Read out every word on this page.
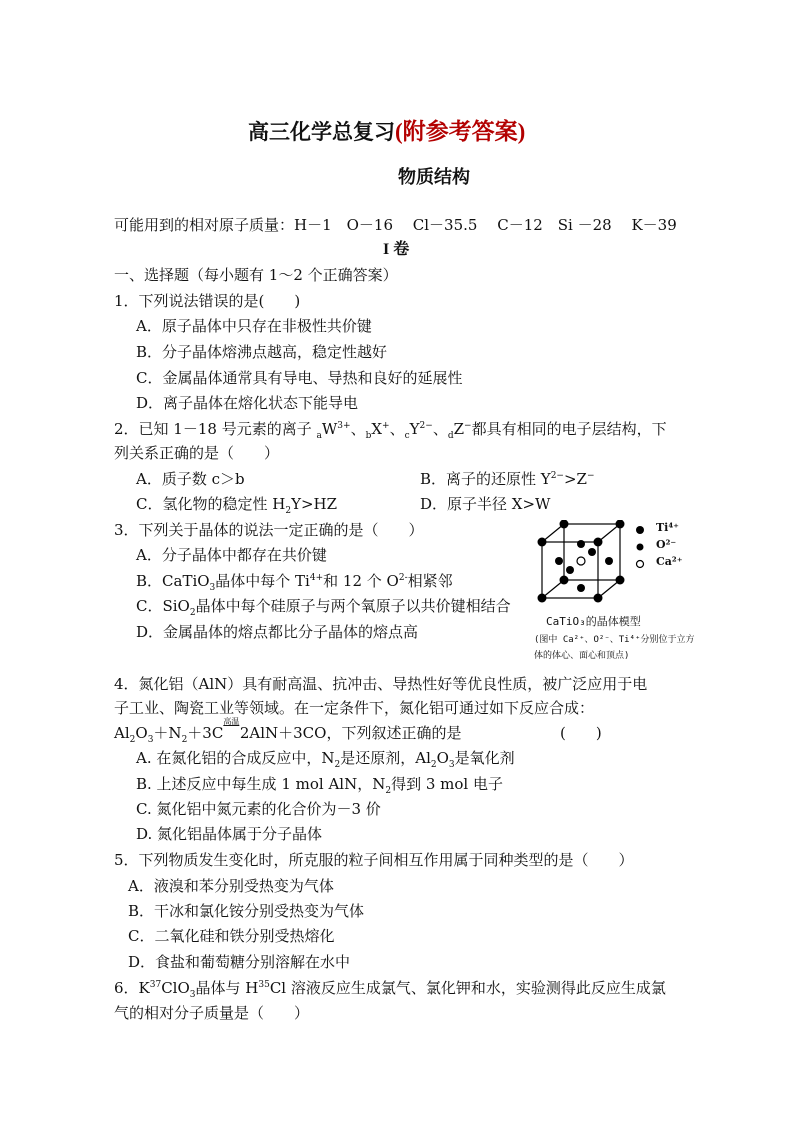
高三化学总复习(附参考答案)
物质结构
可能用到的相对原子质量：H－1　O－16　 Cl－35.5　 C－12　Si －28　 K－39
I 卷
一、选择题（每小题有 1～2 个正确答案）
1．下列说法错误的是(　　)
A．原子晶体中只存在非极性共价键
B．分子晶体熔沸点越高，稳定性越好
C．金属晶体通常具有导电、导热和良好的延展性
D．离子晶体在熔化状态下能导电
2．已知 1－18 号元素的离子 $_aW^{3+}$、$_b$X+、$_cY^{2-}$、$_d$Z−都具有相同的电子层结构，下
列关系正确的是（　　）
A．质子数 c＞b	B．离子的还原性 $Y^{2-}>Z^-$
C．氢化物的稳定性 $H_2Y>HZ$	D．原子半径 X>W
3．下列关于晶体的说法一定正确的是（　　）
A．分子晶体中都存在共价键
B．CaTiO$_3$晶体中每个 $Ti^{4+}$和 12 个 $O^{2-}$相紧邻
C．SiO$_2$晶体中每个硅原子与两个氧原子以共价键相结合
D．金属晶体的熔点都比分子晶体的熔点高
Ti⁴⁺
O²⁻
Ca²⁺
CaTiO₃的晶体模型
(图中 Ca²⁺、O²⁻、Ti⁴⁺分别位于立方
体的体心、面心和顶点)
4．氮化铝（AlN）具有耐高温、抗冲击、导热性好等优良性质，被广泛应用于电
子工业、陶瓷工业等领域。在一定条件下，氮化铝可通过如下反应合成：
$Al_2O_3+N_2+3C$
高温
  2AlN＋3CO，下列叙述正确的是	(　　)
A. 在氮化铝的合成反应中，$N_2$是还原剂，$Al_2O_3$是氧化剂
B. 上述反应中每生成 1 mol AlN，$N_2$得到 3 mol 电子
C. 氮化铝中氮元素的化合价为－3 价
D. 氮化铝晶体属于分子晶体
5．下列物质发生变化时，所克服的粒子间相互作用属于同种类型的是（　　）
A．液溴和苯分别受热变为气体
B．干冰和氯化铵分别受热变为气体
C．二氧化硅和铁分别受热熔化
D．食盐和葡萄糖分别溶解在水中
6．$K^{37}ClO_3$晶体与 $H^{35}Cl$ 溶液反应生成氯气、氯化钾和水，实验测得此反应生成氯
气的相对分子质量是（　　）
